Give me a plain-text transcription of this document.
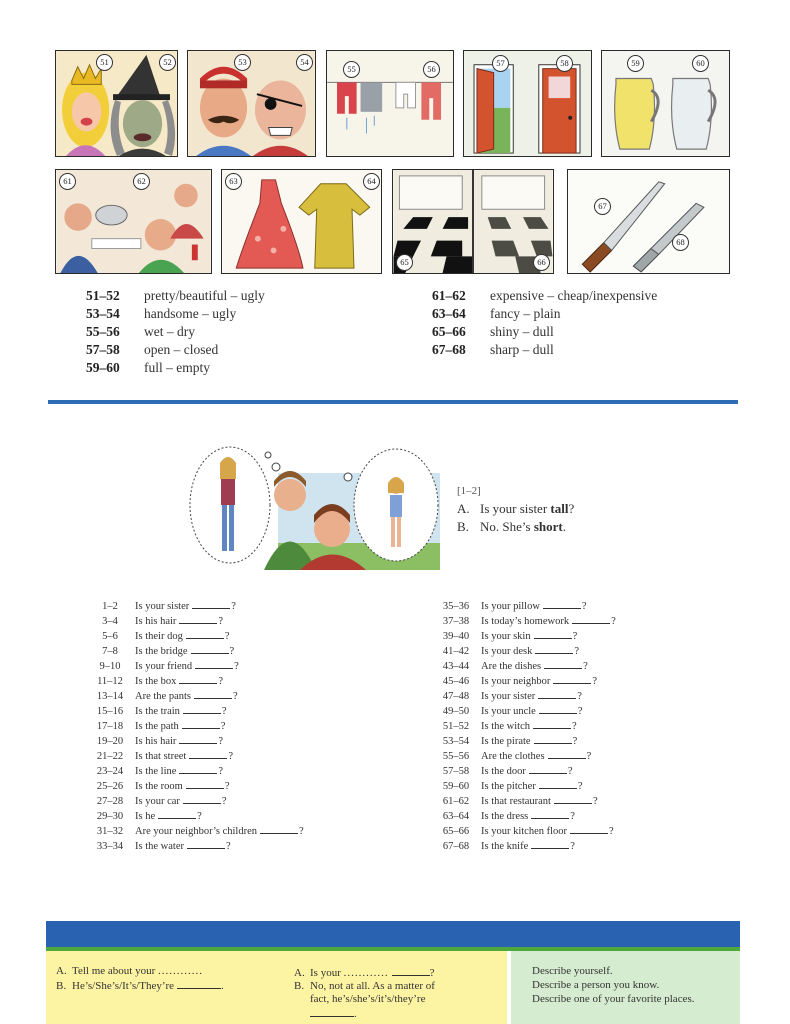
51	52	53	54
55	56
57	58	59	60
61	62	63	64
65	66
67
68
51–52	pretty/beautiful – ugly
53–54	handsome – ugly
55–56	wet – dry
57–58	open – closed
59–60	full – empty
61–62	expensive – cheap/inexpensive
63–64	fancy – plain
65–66	shiny – dull
67–68	sharp – dull
[1–2]
A. Is your sister tall?
B. No. She’s short.
1–2	Is your sister	?
3–4	Is his hair	?
5–6	Is their dog	?
7–8	Is the bridge	?
9–10	Is your friend	?
11–12	Is the box	?
13–14	Are the pants	?
15–16	Is the train	?
17–18	Is the path	?
19–20	Is his hair	?
21–22	Is that street	?
23–24	Is the line	?
25–26	Is the room	?
27–28	Is your car	?
29–30	Is he	?
31–32	Are your neighbor’s children	?
33–34	Is the water	?
35–36	Is your pillow	?
37–38	Is today’s homework	?
39–40	Is your skin	?
41–42	Is your desk	?
43–44	Are the dishes	?
45–46	Is your neighbor	?
47–48	Is your sister	?
49–50	Is your uncle	?
51–52	Is the witch	?
53–54	Is the pirate	?
55–56	Are the clothes	?
57–58	Is the door	?
59–60	Is the pitcher	?
61–62	Is that restaurant	?
63–64	Is the dress	?
65–66	Is your kitchen floor	?
67–68	Is the knife	?
A. Tell me about your ............
B. He’s/She’s/It’s/They’re	.
A. Is your ............	?
B. No, not at all. As a matter of
fact, he’s/she’s/it’s/they’re
.
Describe yourself.
Describe a person you know.
Describe one of your favorite places.
